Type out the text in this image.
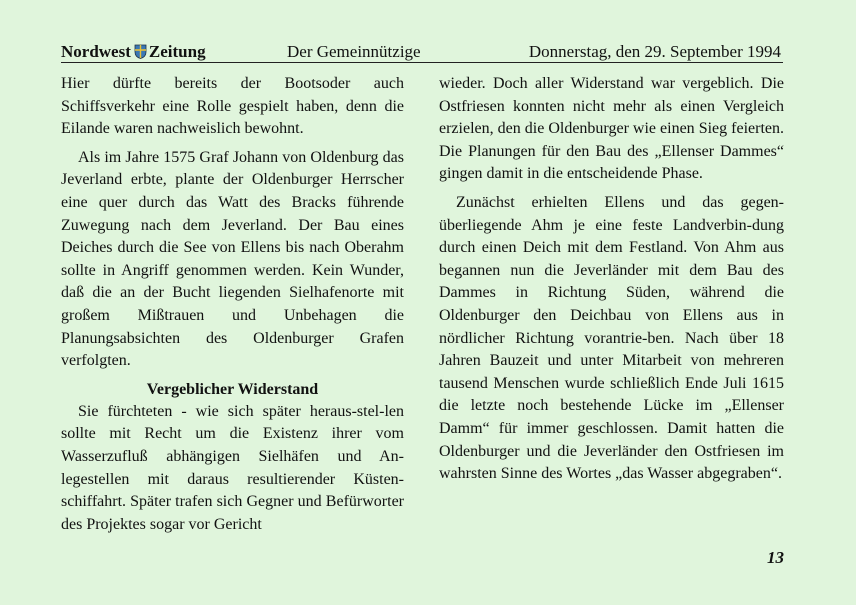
Nordwest Zeitung	Der Gemeinnützige	Donnerstag, den 29. September 1994

Hier dürfte bereits der Bootsoder auch Schiffsverkehr eine Rolle gespielt haben, denn die Eilande waren nachweislich bewohnt.

Als im Jahre 1575 Graf Johann von Oldenburg das Jeverland erbte, plante der Oldenburger Herrscher eine quer durch das Watt des Bracks führende Zuwegung nach dem Jeverland. Der Bau eines Deiches durch die See von Ellens bis nach Oberahm sollte in Angriff genommen werden. Kein Wunder, daß die an der Bucht liegenden Sielhafenorte mit großem Mißtrauen und Unbehagen die Planungsabsichten des Oldenburger Grafen verfolgten.

Vergeblicher Widerstand

Sie fürchteten - wie sich später heraus-stel-len sollte mit Recht um die Existenz ihrer vom Wasserzufluß abhängigen Sielhäfen und An-legestellen mit daraus resultierender Küsten-schiffahrt. Später trafen sich Gegner und Befürworter des Projektes sogar vor Gericht

wieder. Doch aller Widerstand war vergeblich. Die Ostfriesen konnten nicht mehr als einen Vergleich erzielen, den die Oldenburger wie einen Sieg feierten. Die Planungen für den Bau des „Ellenser Dammes“ gingen damit in die entscheidende Phase.

Zunächst erhielten Ellens und das gegen-überliegende Ahm je eine feste Landverbin-dung durch einen Deich mit dem Festland. Von Ahm aus begannen nun die Jeverländer mit dem Bau des Dammes in Richtung Süden, während die Oldenburger den Deichbau von Ellens aus in nördlicher Richtung vorantrie-ben. Nach über 18 Jahren Bauzeit und unter Mitarbeit von mehreren tausend Menschen wurde schließlich Ende Juli 1615 die letzte noch bestehende Lücke im „Ellenser Damm“ für immer geschlossen. Damit hatten die Oldenburger und die Jeverländer den Ostfriesen im wahrsten Sinne des Wortes „das Wasser abgegraben“.

13
